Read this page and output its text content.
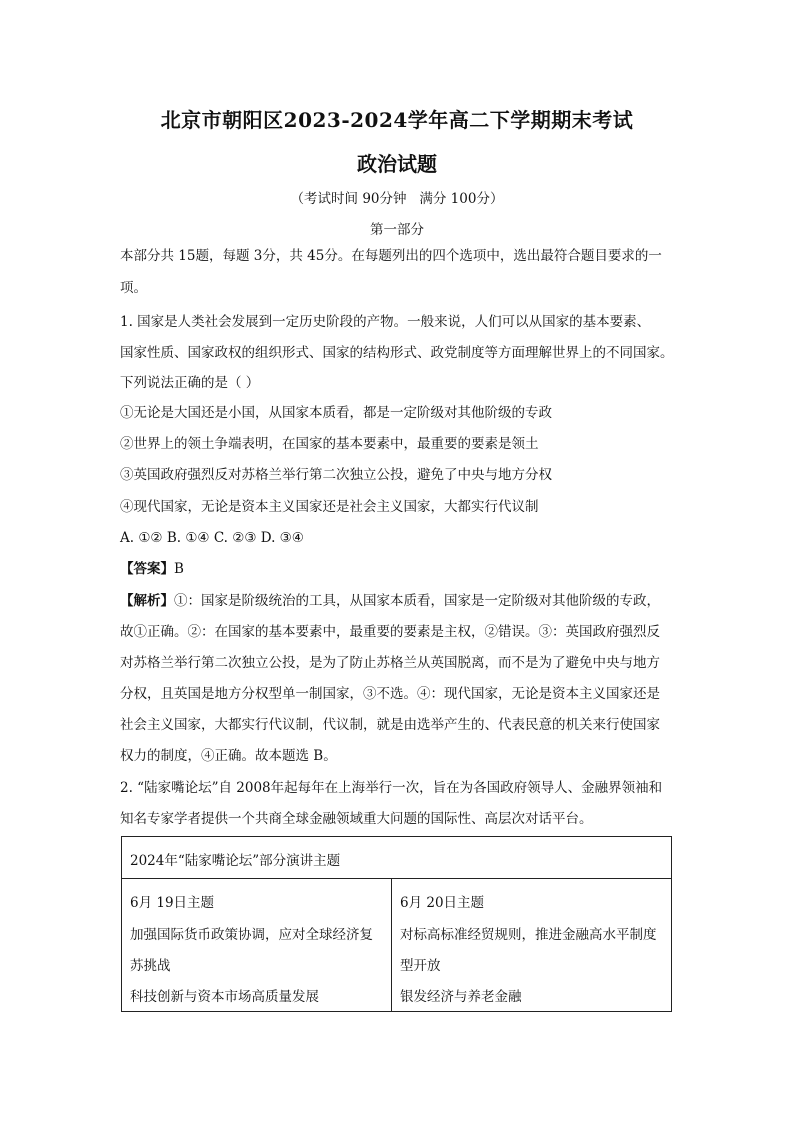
北京市朝阳区2023-2024学年高二下学期期末考试
政治试题
（考试时间 90分钟   满分 100分）
第一部分
本部分共 15题，每题 3分，共 45分。在每题列出的四个选项中，选出最符合题目要求的一
项。
1. 国家是人类社会发展到一定历史阶段的产物。一般来说，人们可以从国家的基本要素、
国家性质、国家政权的组织形式、国家的结构形式、政党制度等方面理解世界上的不同国家。
下列说法正确的是（ ）
①无论是大国还是小国，从国家本质看，都是一定阶级对其他阶级的专政
②世界上的领土争端表明，在国家的基本要素中，最重要的要素是领土
③英国政府强烈反对苏格兰举行第二次独立公投，避免了中央与地方分权
④现代国家，无论是资本主义国家还是社会主义国家，大都实行代议制
A. ①② B. ①④ C. ②③ D. ③④
【答案】B
【解析】①：国家是阶级统治的工具，从国家本质看，国家是一定阶级对其他阶级的专政，
故①正确。②：在国家的基本要素中，最重要的要素是主权，②错误。③：英国政府强烈反
对苏格兰举行第二次独立公投，是为了防止苏格兰从英国脱离，而不是为了避免中央与地方
分权，且英国是地方分权型单一制国家，③不选。④：现代国家，无论是资本主义国家还是
社会主义国家，大都实行代议制，代议制，就是由选举产生的、代表民意的机关来行使国家
权力的制度，④正确。故本题选 B。
2. “陆家嘴论坛”自 2008年起每年在上海举行一次，旨在为各国政府领导人、金融界领袖和
知名专家学者提供一个共商全球金融领域重大问题的国际性、高层次对话平台。
2024年“陆家嘴论坛”部分演讲主题
6月 19日主题
加强国际货币政策协调，应对全球经济复
苏挑战
科技创新与资本市场高质量发展
6月 20日主题
对标高标准经贸规则，推进金融高水平制度
型开放
银发经济与养老金融
